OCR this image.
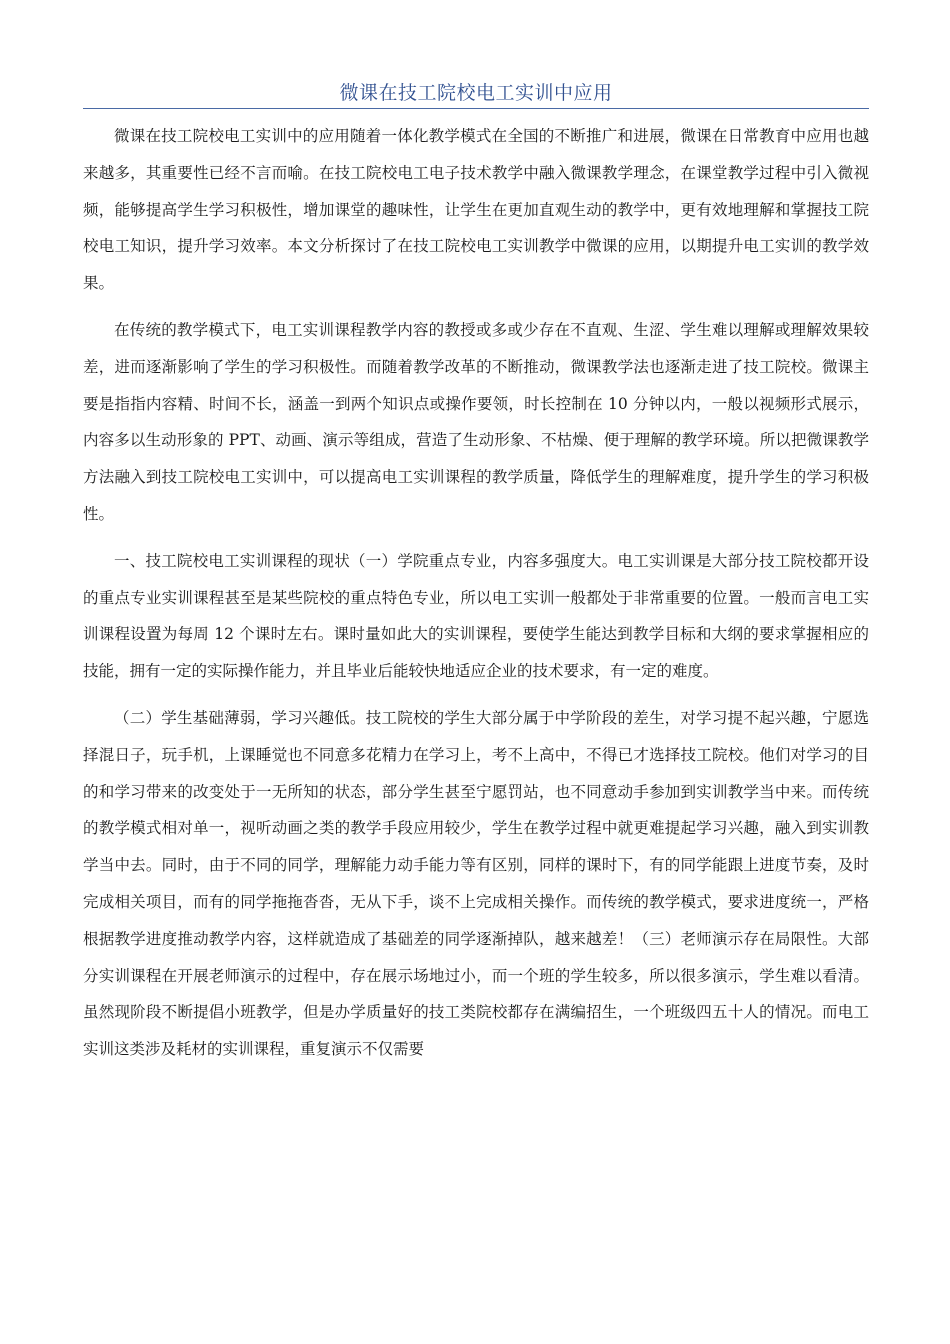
微课在技工院校电工实训中应用

微课在技工院校电工实训中的应用随着一体化教学模式在全国的不断推广和进展，微课在日常教育中应用也越来越多，其重要性已经不言而喻。在技工院校电工电子技术教学中融入微课教学理念，在课堂教学过程中引入微视频，能够提高学生学习积极性，增加课堂的趣味性，让学生在更加直观生动的教学中，更有效地理解和掌握技工院校电工知识，提升学习效率。本文分析探讨了在技工院校电工实训教学中微课的应用，以期提升电工实训的教学效果。

在传统的教学模式下，电工实训课程教学内容的教授或多或少存在不直观、生涩、学生难以理解或理解效果较差，进而逐渐影响了学生的学习积极性。而随着教学改革的不断推动，微课教学法也逐渐走进了技工院校。微课主要是指指内容精、时间不长，涵盖一到两个知识点或操作要领，时长控制在 10 分钟以内，一般以视频形式展示，内容多以生动形象的 PPT、动画、演示等组成，营造了生动形象、不枯燥、便于理解的教学环境。所以把微课教学方法融入到技工院校电工实训中，可以提高电工实训课程的教学质量，降低学生的理解难度，提升学生的学习积极性。

一、技工院校电工实训课程的现状（一）学院重点专业，内容多强度大。电工实训课是大部分技工院校都开设的重点专业实训课程甚至是某些院校的重点特色专业，所以电工实训一般都处于非常重要的位置。一般而言电工实训课程设置为每周 12 个课时左右。课时量如此大的实训课程，要使学生能达到教学目标和大纲的要求掌握相应的技能，拥有一定的实际操作能力，并且毕业后能较快地适应企业的技术要求，有一定的难度。

（二）学生基础薄弱，学习兴趣低。技工院校的学生大部分属于中学阶段的差生，对学习提不起兴趣，宁愿选择混日子，玩手机，上课睡觉也不同意多花精力在学习上，考不上高中，不得已才选择技工院校。他们对学习的目的和学习带来的改变处于一无所知的状态，部分学生甚至宁愿罚站，也不同意动手参加到实训教学当中来。而传统的教学模式相对单一，视听动画之类的教学手段应用较少，学生在教学过程中就更难提起学习兴趣，融入到实训教学当中去。同时，由于不同的同学，理解能力动手能力等有区别，同样的课时下，有的同学能跟上进度节奏，及时完成相关项目，而有的同学拖拖沓沓，无从下手，谈不上完成相关操作。而传统的教学模式，要求进度统一，严格根据教学进度推动教学内容，这样就造成了基础差的同学逐渐掉队，越来越差！（三）老师演示存在局限性。大部分实训课程在开展老师演示的过程中，存在展示场地过小，而一个班的学生较多，所以很多演示，学生难以看清。虽然现阶段不断提倡小班教学，但是办学质量好的技工类院校都存在满编招生，一个班级四五十人的情况。而电工实训这类涉及耗材的实训课程，重复演示不仅需要
